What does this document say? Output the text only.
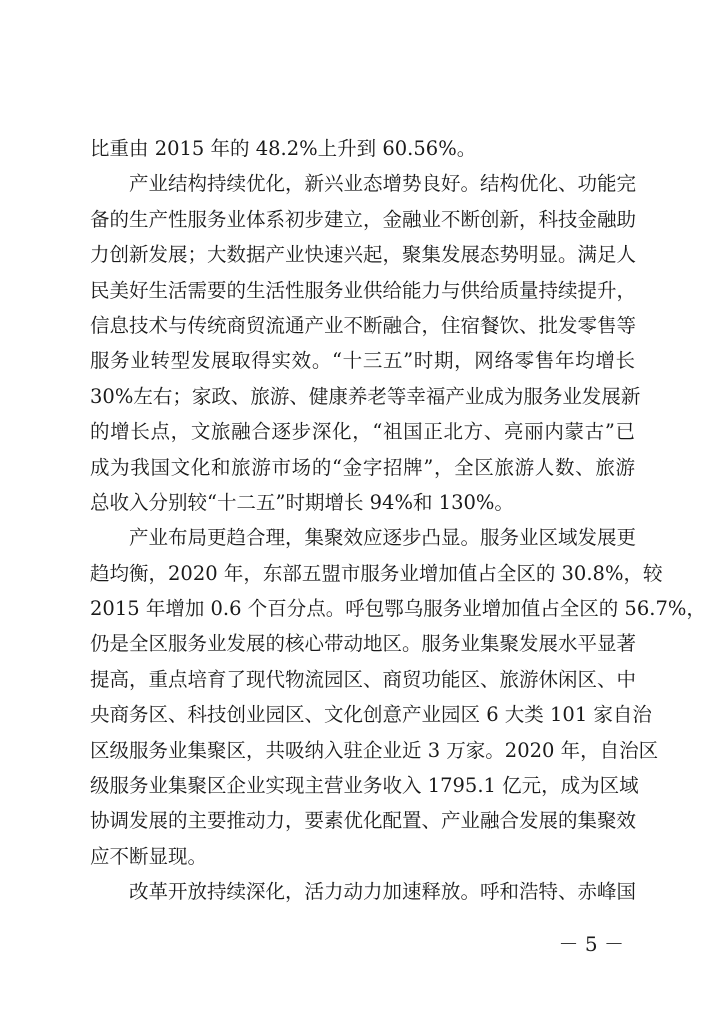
比重由 2015 年的 48.2%上升到 60.56%。
产业结构持续优化，新兴业态增势良好。结构优化、功能完
备的生产性服务业体系初步建立，金融业不断创新，科技金融助
力创新发展；大数据产业快速兴起，聚集发展态势明显。满足人
民美好生活需要的生活性服务业供给能力与供给质量持续提升，
信息技术与传统商贸流通产业不断融合，住宿餐饮、批发零售等
服务业转型发展取得实效。“十三五”时期，网络零售年均增长
30%左右；家政、旅游、健康养老等幸福产业成为服务业发展新
的增长点，文旅融合逐步深化，“祖国正北方、亮丽内蒙古”已
成为我国文化和旅游市场的“金字招牌”，全区旅游人数、旅游
总收入分别较“十二五”时期增长 94%和 130%。
产业布局更趋合理，集聚效应逐步凸显。服务业区域发展更
趋均衡，2020 年，东部五盟市服务业增加值占全区的 30.8%，较
2015 年增加 0.6 个百分点。呼包鄂乌服务业增加值占全区的 56.7%，
仍是全区服务业发展的核心带动地区。服务业集聚发展水平显著
提高，重点培育了现代物流园区、商贸功能区、旅游休闲区、中
央商务区、科技创业园区、文化创意产业园区 6 大类 101 家自治
区级服务业集聚区，共吸纳入驻企业近 3 万家。2020 年，自治区
级服务业集聚区企业实现主营业务收入 1795.1 亿元，成为区域
协调发展的主要推动力，要素优化配置、产业融合发展的集聚效
应不断显现。
改革开放持续深化，活力动力加速释放。呼和浩特、赤峰国
－ 5 －
